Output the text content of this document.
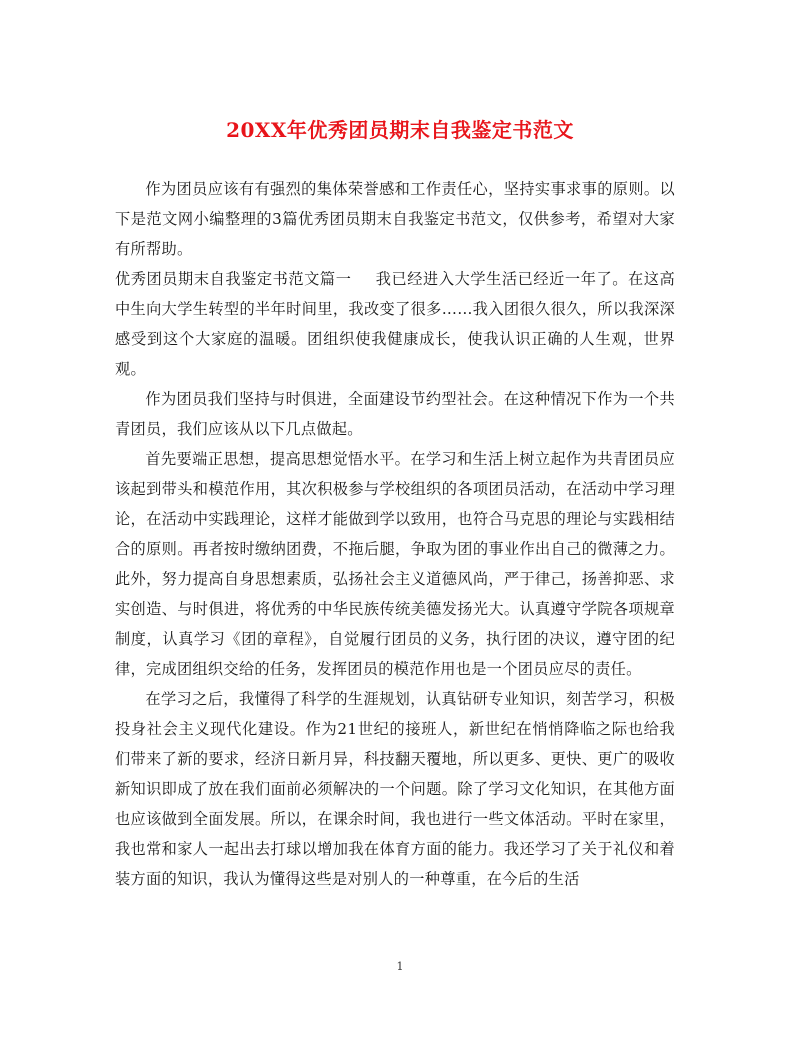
20XX年优秀团员期末自我鉴定书范文

作为团员应该有有强烈的集体荣誉感和工作责任心，坚持实事求事的原则。以下是范文网小编整理的3篇优秀团员期末自我鉴定书范文，仅供参考，希望对大家有所帮助。

优秀团员期末自我鉴定书范文篇一 我已经进入大学生活已经近一年了。在这高中生向大学生转型的半年时间里，我改变了很多……我入团很久很久，所以我深深感受到这个大家庭的温暖。团组织使我健康成长，使我认识正确的人生观，世界观。

作为团员我们坚持与时俱进，全面建设节约型社会。在这种情况下作为一个共青团员，我们应该从以下几点做起。

首先要端正思想，提高思想觉悟水平。在学习和生活上树立起作为共青团员应该起到带头和模范作用，其次积极参与学校组织的各项团员活动，在活动中学习理论，在活动中实践理论，这样才能做到学以致用，也符合马克思的理论与实践相结合的原则。再者按时缴纳团费，不拖后腿，争取为团的事业作出自己的微薄之力。此外，努力提高自身思想素质，弘扬社会主义道德风尚，严于律己，扬善抑恶、求实创造、与时俱进，将优秀的中华民族传统美德发扬光大。认真遵守学院各项规章制度，认真学习《团的章程》，自觉履行团员的义务，执行团的决议，遵守团的纪律，完成团组织交给的任务，发挥团员的模范作用也是一个团员应尽的责任。

在学习之后，我懂得了科学的生涯规划，认真钻研专业知识，刻苦学习，积极投身社会主义现代化建设。作为21世纪的接班人，新世纪在悄悄降临之际也给我们带来了新的要求，经济日新月异，科技翻天覆地，所以更多、更快、更广的吸收新知识即成了放在我们面前必须解决的一个问题。除了学习文化知识，在其他方面也应该做到全面发展。所以，在课余时间，我也进行一些文体活动。平时在家里，我也常和家人一起出去打球以增加我在体育方面的能力。我还学习了关于礼仪和着装方面的知识，我认为懂得这些是对别人的一种尊重，在今后的生活

1
